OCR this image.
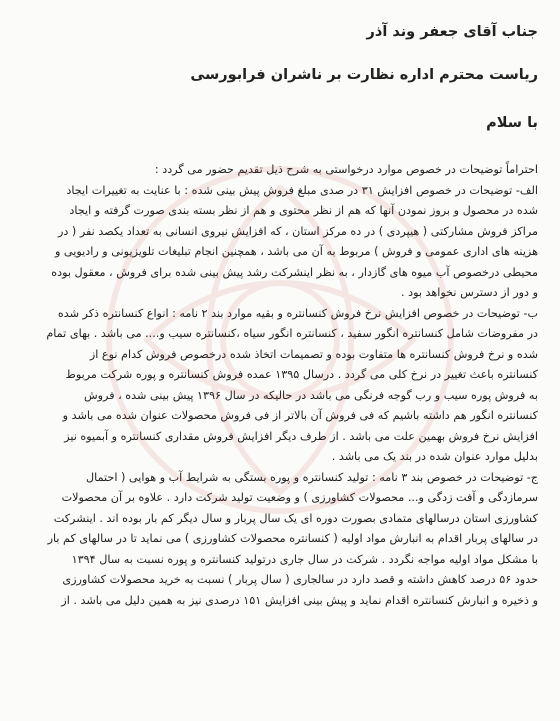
جناب آقای جعفر وند آذر
ریاست محترم اداره نظارت بر ناشران فرابورسی
با سلام

احتراماً توضیحات در خصوص موارد درخواستی به شرح ذیل تقدیم حضور می گردد :

الف- توضیحات در خصوص افزایش ۳۱ در صدی مبلغ فروش پیش بینی شده : با عنایت به تغییرات ایجاد
شده در محصول و بروز نمودن آنها که هم از نظر محتوی و هم از نظر بسته بندی صورت گرفته و ایجاد
مراکز فروش مشارکتی ( هیپردی ) در ده مرکز استان ، که افزایش نیروی انسانی به تعداد یکصد نفر ( در
هزینه های اداری عمومی و فروش ) مربوط به آن می باشد ، همچنین انجام تبلیغات تلویزیونی و رادیویی و
محیطی درخصوص آب میوه های گازدار ، به نظر اینشرکت رشد پیش بینی شده برای فروش ، معقول بوده
و دور از دسترس نخواهد بود .

ب- توضیحات در خصوص افزایش نرخ فروش کنسانتره و بقیه موارد بند ۲ نامه : انواع کنسانتره ذکر شده
در مفروضات شامل کنسانتره انگور سفید ، کنسانتره انگور سیاه ،کنسانتره سیب و.... می باشد . بهای تمام
شده و نرخ فروش کنسانتره ها متفاوت بوده و تصمیمات اتخاذ شده درخصوص فروش کدام نوع از
کنسانتره باعث تغییر در نرخ کلی می گردد . درسال ۱۳۹۵ عمده فروش کنسانتره و پوره شرکت مربوط
به فروش پوره سیب و رب گوجه فرنگی می باشد در حالیکه در سال ۱۳۹۶ پیش بینی شده ، فروش
کنسانتره انگور هم داشته باشیم که فی فروش آن بالاتر از فی فروش محصولات عنوان شده می باشد و
افزایش نرخ فروش بهمین علت می باشد . از طرف دیگر افزایش فروش مقداری کنسانتره و آبمیوه نیز
بدلیل موارد عنوان شده در بند یک می باشد .

ج- توضیحات در خصوص بند ۳ نامه : تولید کنسانتره و پوره بستگی به شرایط آب و هوایی ( احتمال
سرمازدگی و آفت زدگی و... محصولات کشاورزی ) و وضعیت تولید شرکت دارد . علاوه بر آن محصولات
کشاورزی استان درسالهای متمادی بصورت دوره ای یک سال پربار و سال دیگر کم بار بوده اند . اینشرکت
در سالهای پربار اقدام به انبارش مواد اولیه ( کنسانتره محصولات کشاورزی ) می نماید تا در سالهای کم بار
با مشکل مواد اولیه مواجه نگردد . شرکت در سال جاری درتولید کنسانتره و پوره نسبت به سال ۱۳۹۴
حدود ۵۶ درصد کاهش داشته و قصد دارد در سالجاری ( سال پربار ) نسبت به خرید محصولات کشاورزی
و ذخیره و انبارش کنسانتره اقدام نماید و پیش بینی افزایش ۱۵۱ درصدی نیز به همین دلیل می باشد . از
